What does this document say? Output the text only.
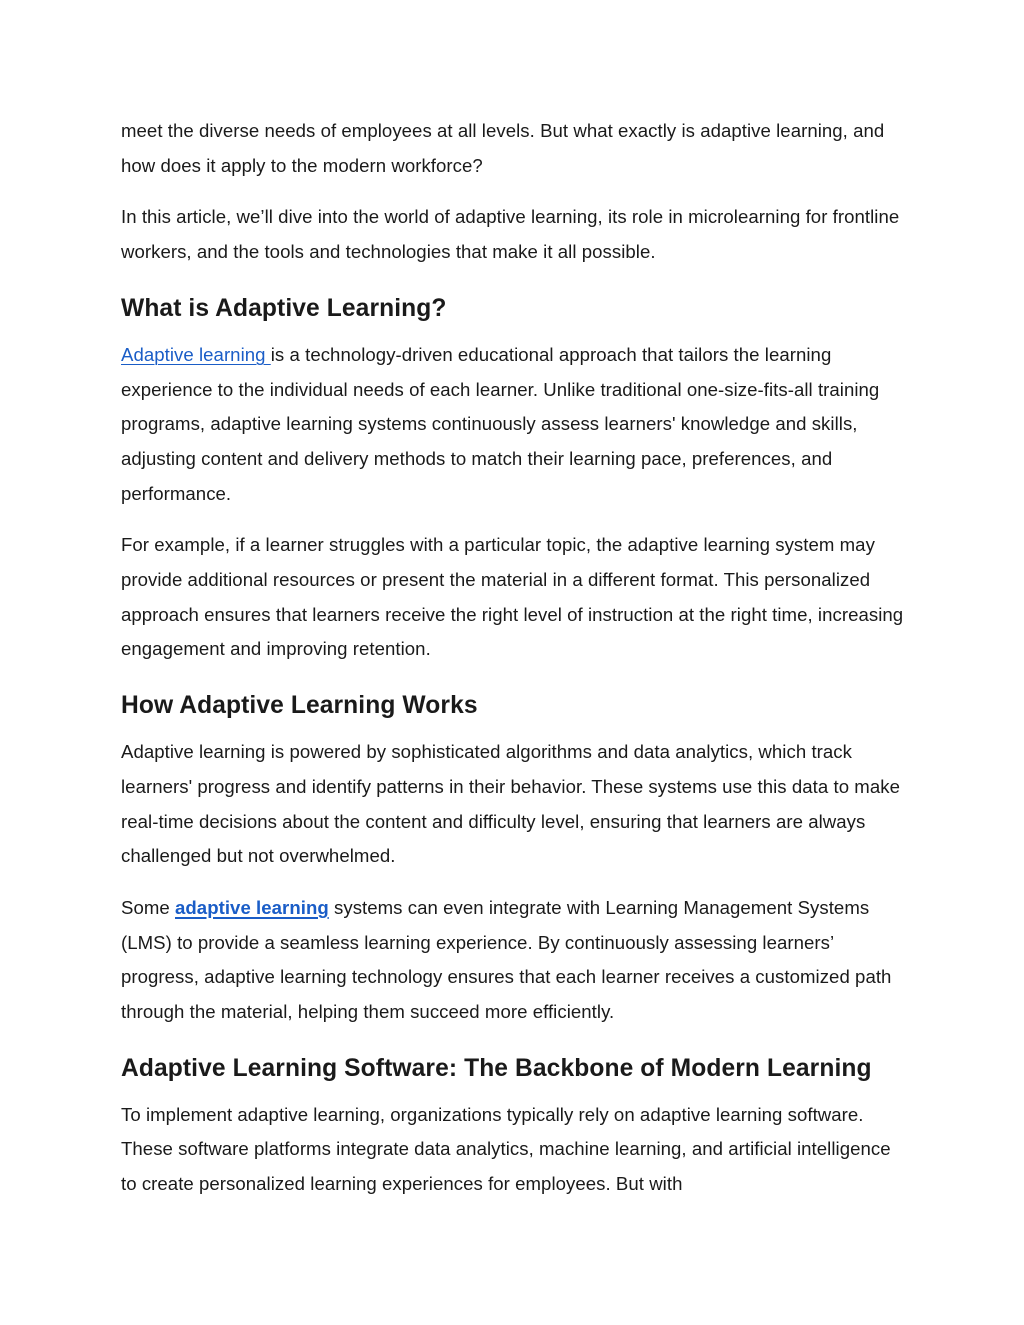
meet the diverse needs of employees at all levels. But what exactly is adaptive learning, and how does it apply to the modern workforce?

In this article, we’ll dive into the world of adaptive learning, its role in microlearning for frontline workers, and the tools and technologies that make it all possible.

What is Adaptive Learning?

Adaptive learning is a technology-driven educational approach that tailors the learning experience to the individual needs of each learner. Unlike traditional one-size-fits-all training programs, adaptive learning systems continuously assess learners' knowledge and skills, adjusting content and delivery methods to match their learning pace, preferences, and performance.

For example, if a learner struggles with a particular topic, the adaptive learning system may provide additional resources or present the material in a different format. This personalized approach ensures that learners receive the right level of instruction at the right time, increasing engagement and improving retention.

How Adaptive Learning Works

Adaptive learning is powered by sophisticated algorithms and data analytics, which track learners' progress and identify patterns in their behavior. These systems use this data to make real-time decisions about the content and difficulty level, ensuring that learners are always challenged but not overwhelmed.

Some adaptive learning systems can even integrate with Learning Management Systems (LMS) to provide a seamless learning experience. By continuously assessing learners’ progress, adaptive learning technology ensures that each learner receives a customized path through the material, helping them succeed more efficiently.

Adaptive Learning Software: The Backbone of Modern Learning

To implement adaptive learning, organizations typically rely on adaptive learning software. These software platforms integrate data analytics, machine learning, and artificial intelligence to create personalized learning experiences for employees. But with
